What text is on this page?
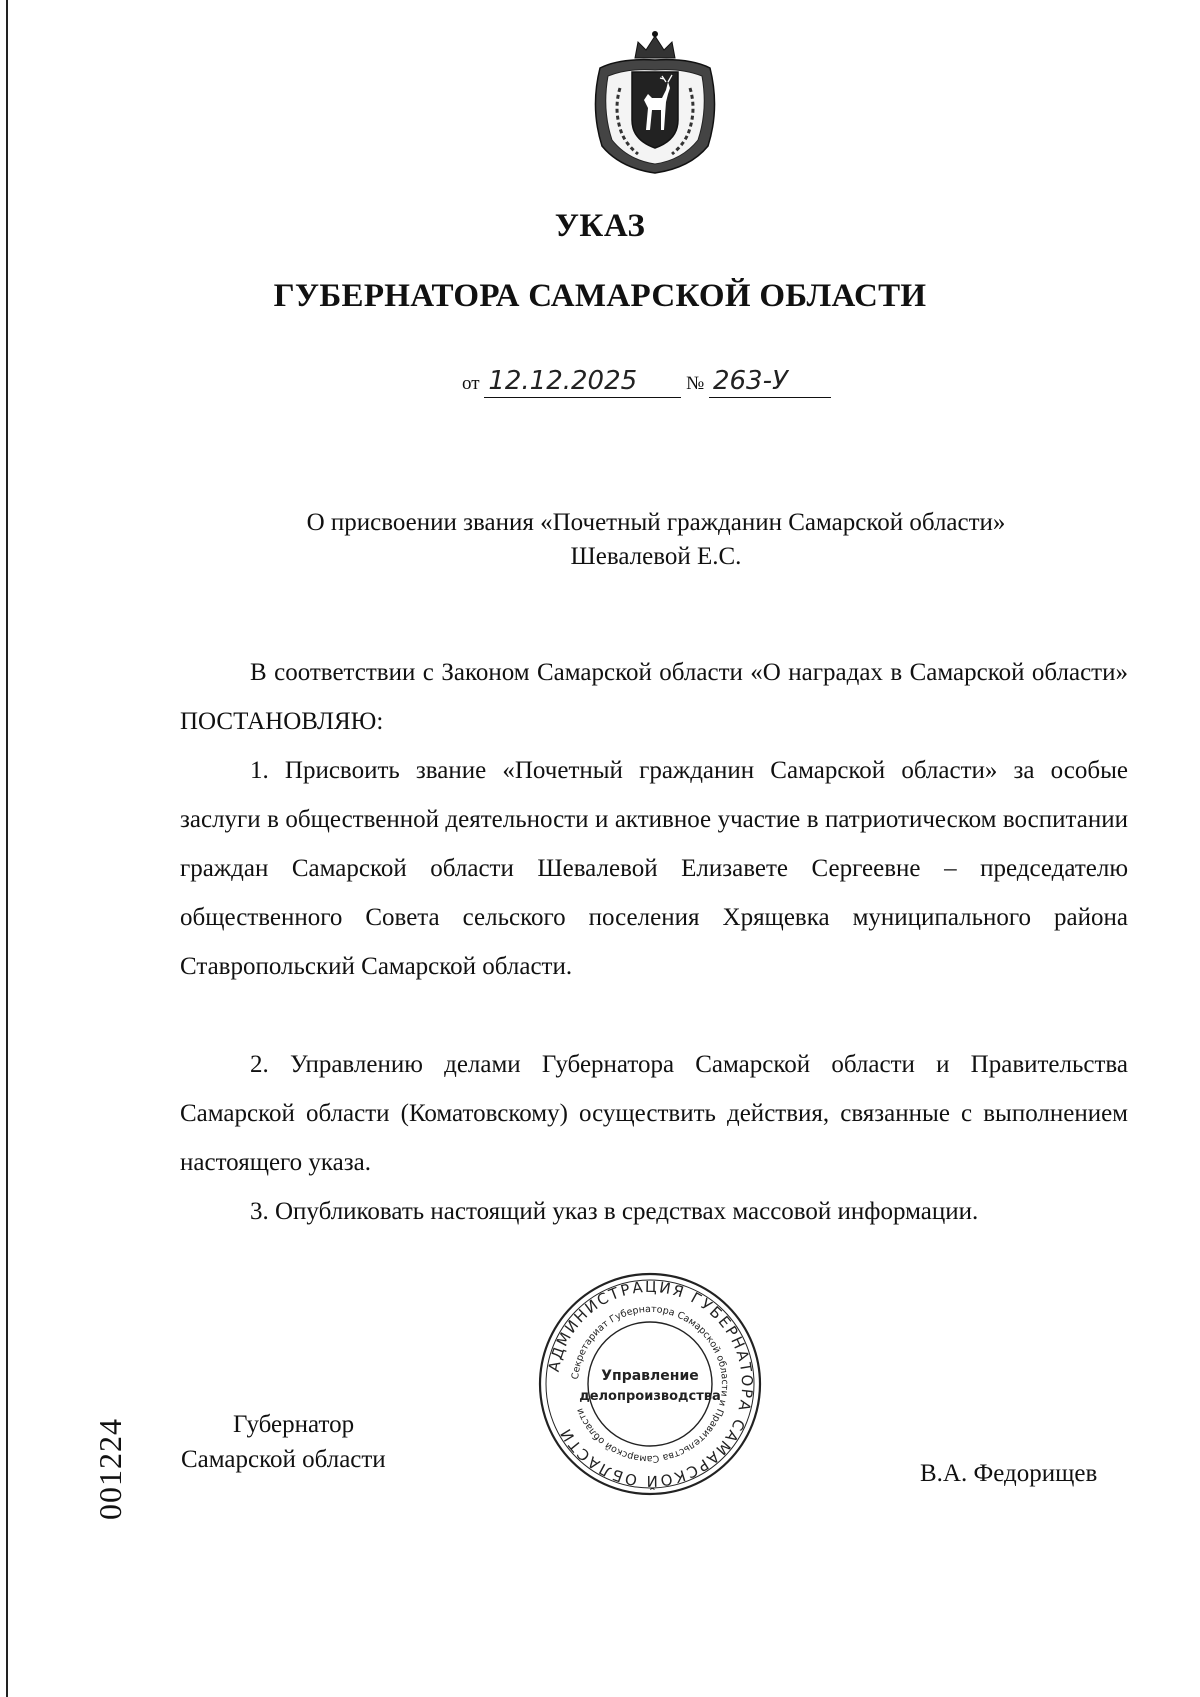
УКАЗ
ГУБЕРНАТОРА САМАРСКОЙ ОБЛАСТИ
от 12.12.2025	№ 263-У
О присвоении звания «Почетный гражданин Самарской области»
Шевалевой Е.С.

В соответствии с Законом Самарской области «О наградах в Самарской области» ПОСТАНОВЛЯЮ:

1. Присвоить звание «Почетный гражданин Самарской области» за особые заслуги в общественной деятельности и активное участие в патриотическом воспитании граждан Самарской области Шевалевой Елизавете Сергеевне – председателю общественного Совета сельского поселения Хрящевка муниципального района Ставропольский Самарской области.

2. Управлению делами Губернатора Самарской области и Правительства Самарской области (Коматовскому) осуществить действия, связанные с выполнением настоящего указа.

3. Опубликовать настоящий указ в средствах массовой информации.

Губернатор
Самарской области
АДМИНИСТРАЦИЯ ГУБЕРНАТОРА САМАРСКОЙ ОБЛАСТИ
Секретариат Губернатора Самарской области и Правительства Самарской области
Управление
делопроизводства
В.А. Федорищев
001224
